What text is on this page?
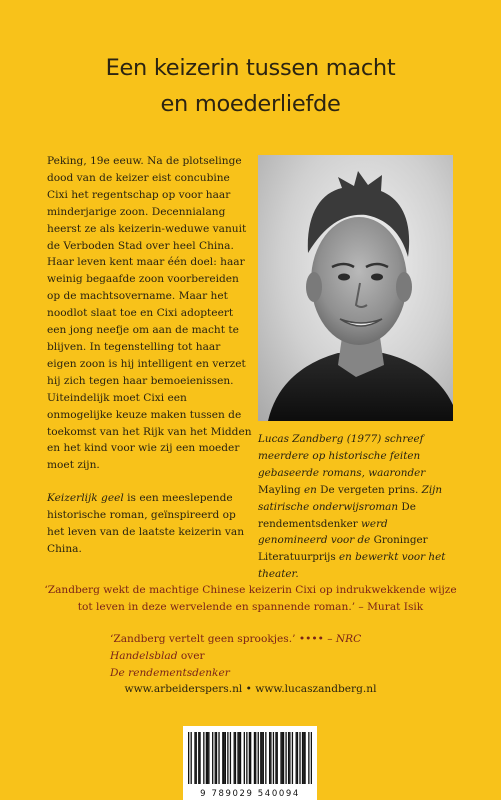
Een keizerin tussen macht
en moederliefde

Peking, 19e eeuw. Na de plotselinge dood van de keizer eist concubine Cixi het regentschap op voor haar minderjarige zoon. Decennialang heerst ze als keizerin-weduwe vanuit de Verboden Stad over heel China. Haar leven kent maar één doel: haar weinig begaafde zoon voorbereiden op de machtsovername. Maar het noodlot slaat toe en Cixi adopteert een jong neefje om aan de macht te blijven. In tegenstelling tot haar eigen zoon is hij intelligent en verzet hij zich tegen haar bemoeienissen. Uiteindelijk moet Cixi een onmogelijke keuze maken tussen de toekomst van het Rijk van het Midden en het kind voor wie zij een moeder moet zijn.

Keizerlijk geel is een meeslepende historische roman, geïnspireerd op het leven van de laatste keizerin van China.

Lucas Zandberg (1977) schreef meerdere op historische feiten gebaseerde romans, waaronder Mayling en De vergeten prins. Zijn satirische onderwijsroman De rendementsdenker werd genomineerd voor de Groninger Literatuurprijs en bewerkt voor het theater.
‘Zandberg wekt de machtige Chinese keizerin Cixi op indrukwekkende wijze tot leven in deze wervelende en spannende roman.’ – Murat Isik
‘Zandberg vertelt geen sprookjes.’ •••• – NRC Handelsblad over
De rendementsdenker
www.arbeiderspers.nl • www.lucaszandberg.nl
9 789029 540094
